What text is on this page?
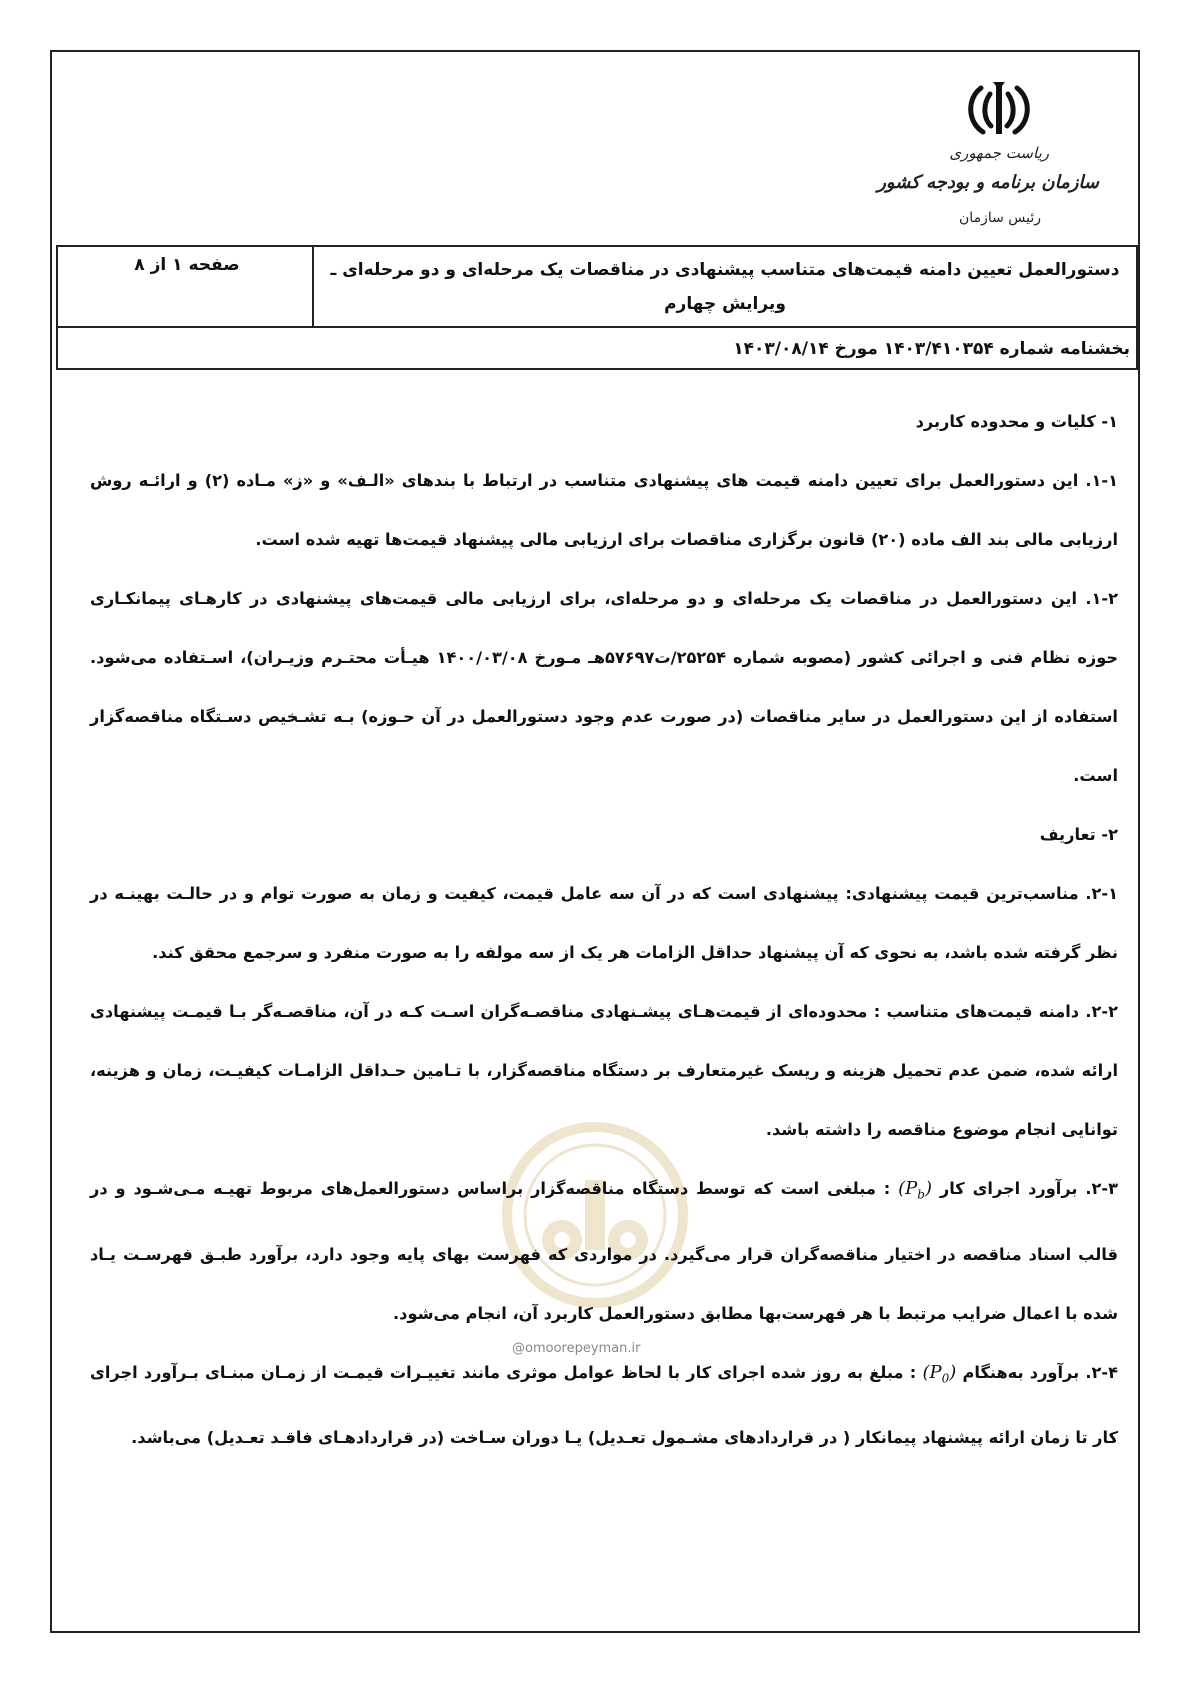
ریاست جمهوری
سازمان برنامه و بودجه کشور
رئیس سازمان
دستورالعمل تعیین دامنه قیمت‌های متناسب پیشنهادی در مناقصات یک مرحله‌ای و دو مرحله‌ای ـ
ویرایش چهارم
صفحه ۱ از ۸
بخشنامه شماره ۱۴۰۳/۴۱۰۳۵۴ مورخ ۱۴۰۳/۰۸/۱۴
@omoorepeyman.ir

۱- کلیات و محدوده کاربرد

۱-۱. این دستورالعمل برای تعیین دامنه قیمت های پیشنهادی متناسب در ارتباط با بندهای «الـف» و «ز» مـاده (۲) و ارائـه روش ارزیابی مالی بند الف ماده (۲۰) قانون برگزاری مناقصات برای ارزیابی مالی پیشنهاد قیمت‌ها تهیه شده است.

۱-۲. این دستورالعمل در مناقصات یک مرحله‌ای و دو مرحله‌ای، برای ارزیابی مالی قیمت‌های پیشنهادی در کارهـای پیمانکـاری حوزه نظام فنی و اجرائی کشور (مصوبه شماره ۲۵۲۵۴/ت۵۷۶۹۷هـ مـورخ ۱۴۰۰/۰۳/۰۸ هیـأت محتـرم وزیـران)، اسـتفاده می‌شود. استفاده از این دستورالعمل در سایر مناقصات (در صورت عدم وجود دستورالعمل در آن حـوزه) بـه تشـخیص دسـتگاه مناقصه‌گزار است.

۲- تعاریف

۲-۱. مناسب‌ترین قیمت پیشنهادی: پیشنهادی است که در آن سه عامل قیمت، کیفیت و زمان به صورت توام و در حالـت بهینـه در نظر گرفته شده باشد، به نحوی که آن پیشنهاد حداقل الزامات هر یک از سه مولفه را به صورت منفرد و سرجمع محقق کند.

۲-۲. دامنه قیمت‌های متناسب : محدوده‌ای از قیمت‌هـای پیشـنهادی مناقصـه‌گران اسـت کـه در آن، مناقصـه‌گر بـا قیمـت پیشنهادی ارائه شده، ضمن عدم تحمیل هزینه و ریسک غیرمتعارف بر دستگاه مناقصه‌گزار، با تـامین حـداقل الزامـات کیفیـت، زمان و هزینه، توانایی انجام موضوع مناقصه را داشته باشد.

۲-۳. برآورد اجرای کار $(P_b)$ : مبلغی است که توسط دستگاه مناقصه‌گزار براساس دستورالعمل‌های مربوط تهیـه مـی‌شـود و در قالب اسناد مناقصه در اختیار مناقصه‌گران قرار می‌گیرد. در مواردی که فهرست بهای پایه وجود دارد، برآورد طبـق فهرسـت یـاد شده با اعمال ضرایب مرتبط با هر فهرست‌بها مطابق دستورالعمل کاربرد آن، انجام می‌شود.

۲-۴. برآورد به‌هنگام $(P_0)$ : مبلغ به روز شده اجرای کار با لحاظ عوامل موثری مانند تغییـرات قیمـت از زمـان مبنـای بـرآورد اجرای کار تا زمان ارائه پیشنهاد پیمانکار ( در قراردادهای مشـمول تعـدیل) یـا دوران سـاخت (در قراردادهـای فاقـد تعـدیل) می‌باشد.
